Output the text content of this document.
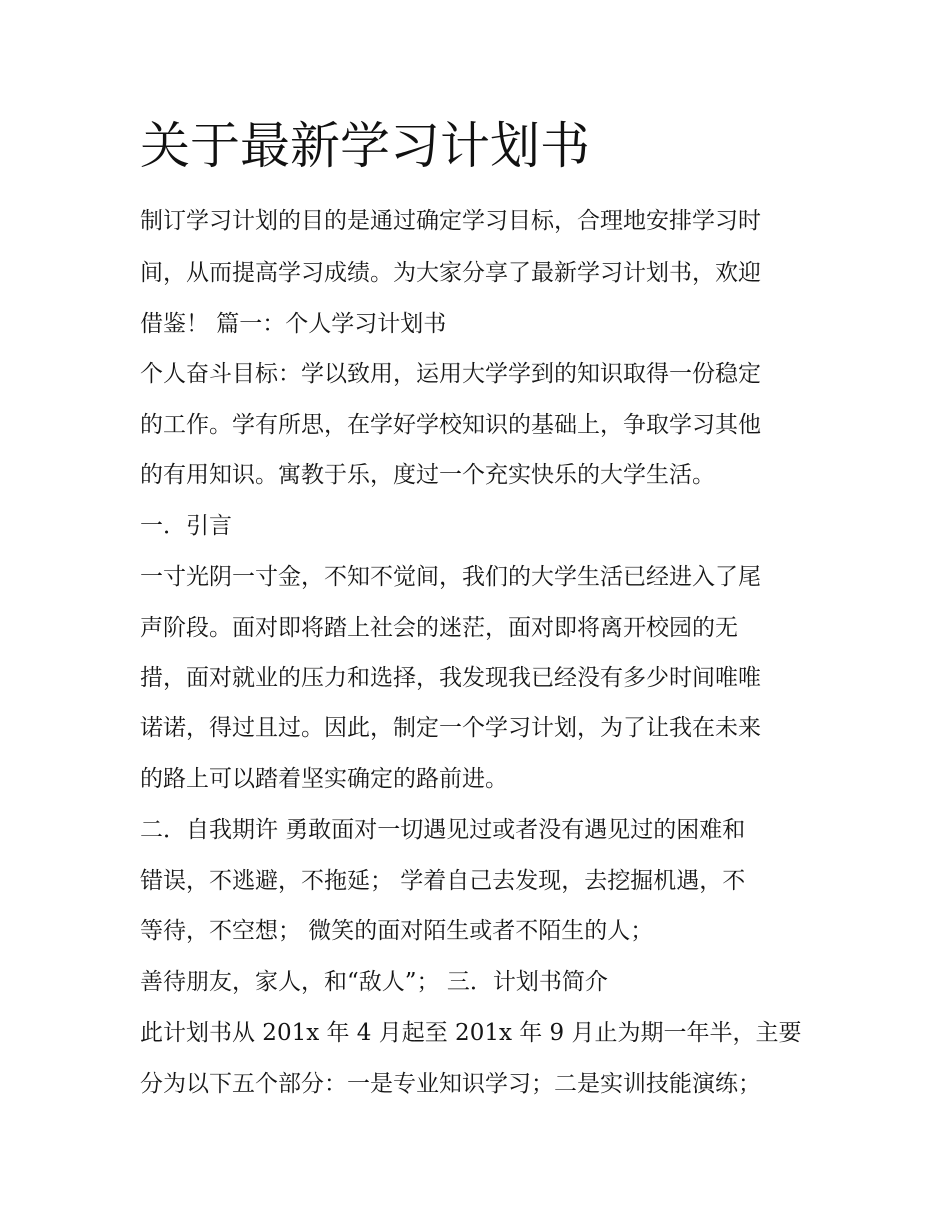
关于最新学习计划书

制订学习计划的目的是通过确定学习目标，合理地安排学习时

间，从而提高学习成绩。为大家分享了最新学习计划书，欢迎

借鉴！ 篇一：个人学习计划书

个人奋斗目标：学以致用，运用大学学到的知识取得一份稳定

的工作。学有所思，在学好学校知识的基础上，争取学习其他

的有用知识。寓教于乐，度过一个充实快乐的大学生活。

一．引言

一寸光阴一寸金，不知不觉间，我们的大学生活已经进入了尾

声阶段。面对即将踏上社会的迷茫，面对即将离开校园的无

措，面对就业的压力和选择，我发现我已经没有多少时间唯唯

诺诺，得过且过。因此，制定一个学习计划，为了让我在未来

的路上可以踏着坚实确定的路前进。

二．自我期许 勇敢面对一切遇见过或者没有遇见过的困难和

错误，不逃避，不拖延； 学着自己去发现，去挖掘机遇，不

等待，不空想； 微笑的面对陌生或者不陌生的人；

善待朋友，家人，和“敌人”； 三．计划书简介

此计划书从 201x 年 4 月起至 201x 年 9 月止为期一年半，主要

分为以下五个部分：一是专业知识学习；二是实训技能演练；
